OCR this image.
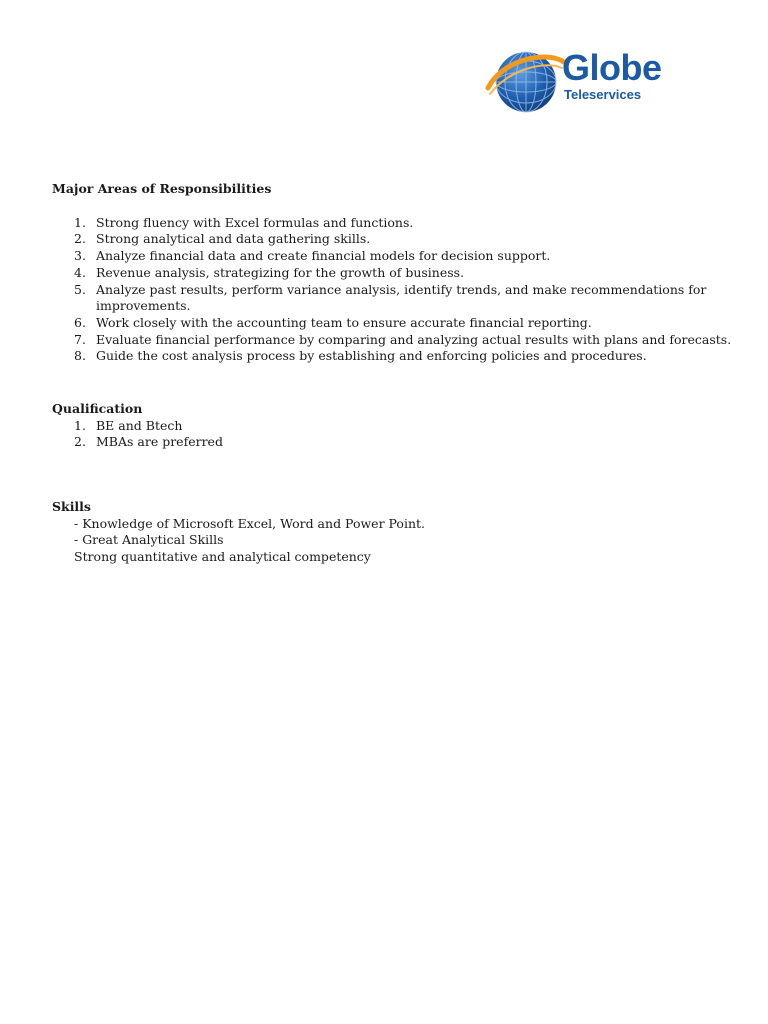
Globe
Teleservices

Major Areas of Responsibilities

1. Strong fluency with Excel formulas and functions.
2. Strong analytical and data gathering skills.
3. Analyze financial data and create financial models for decision support.
4. Revenue analysis, strategizing for the growth of business.
5. Analyze past results, perform variance analysis, identify trends, and make recommendations for improvements.
6. Work closely with the accounting team to ensure accurate financial reporting.
7. Evaluate financial performance by comparing and analyzing actual results with plans and forecasts.
8. Guide the cost analysis process by establishing and enforcing policies and procedures.

Qualification

1. BE and Btech
2. MBAs are preferred

Skills

- Knowledge of Microsoft Excel, Word and Power Point.
- Great Analytical Skills
Strong quantitative and analytical competency
